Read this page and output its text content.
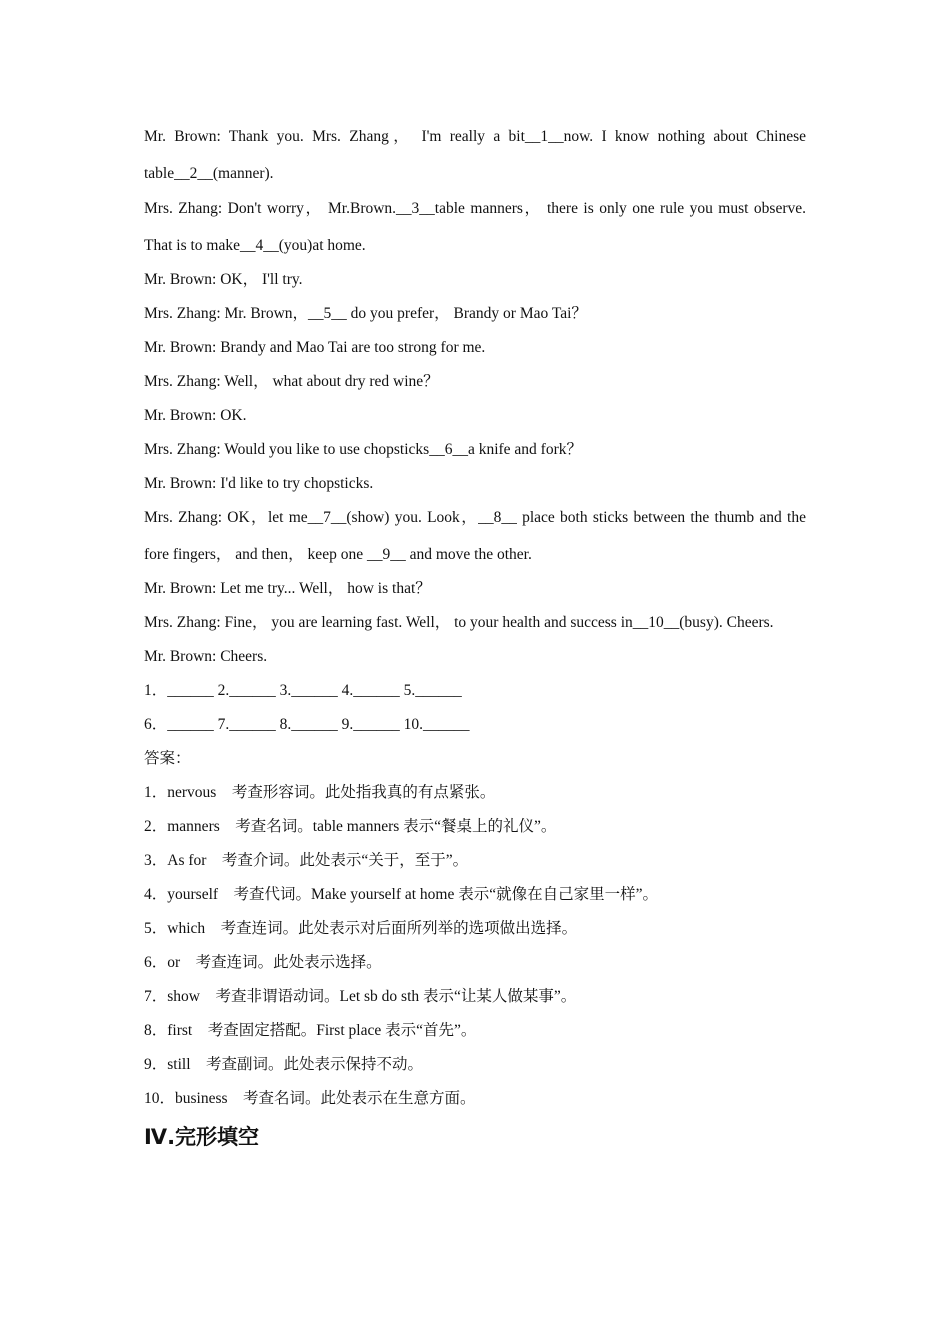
Mr. Brown: Thank you. Mrs. Zhang， I'm really a bit__1__now. I know nothing about Chinese table__2__(manner).

Mrs. Zhang: Don't worry， Mr.Brown.__3__table manners， there is only one rule you must observe. That is to make__4__(you)at home.

Mr. Brown: OK， I'll try.

Mrs. Zhang: Mr. Brown，__5__ do you prefer， Brandy or Mao Tai？

Mr. Brown: Brandy and Mao Tai are too strong for me.

Mrs. Zhang: Well， what about dry red wine？

Mr. Brown: OK.

Mrs. Zhang: Would you like to use chopsticks__6__a knife and fork？

Mr. Brown: I'd like to try chopsticks.

Mrs. Zhang: OK，let me__7__(show) you. Look，__8__ place both sticks between the thumb and the fore fingers， and then， keep one __9__ and move the other.

Mr. Brown: Let me try... Well， how is that？

Mrs. Zhang: Fine， you are learning fast. Well， to your health and success in__10__(busy). Cheers.

Mr. Brown: Cheers.

1．______ 2.______ 3.______ 4.______ 5.______

6．______ 7.______ 8.______ 9.______ 10.______

答案：

1．nervous　考查形容词。此处指我真的有点紧张。

2．manners　考查名词。table manners 表示“餐桌上的礼仪”。

3．As for　考查介词。此处表示“关于，至于”。

4．yourself　考查代词。Make yourself at home 表示“就像在自己家里一样”。

5．which　考查连词。此处表示对后面所列举的选项做出选择。

6．or　考查连词。此处表示选择。

7．show　考查非谓语动词。Let sb do sth 表示“让某人做某事”。

8．first　考查固定搭配。First place 表示“首先”。

9．still　考查副词。此处表示保持不动。

10．business　考查名词。此处表示在生意方面。

Ⅳ.完形填空
